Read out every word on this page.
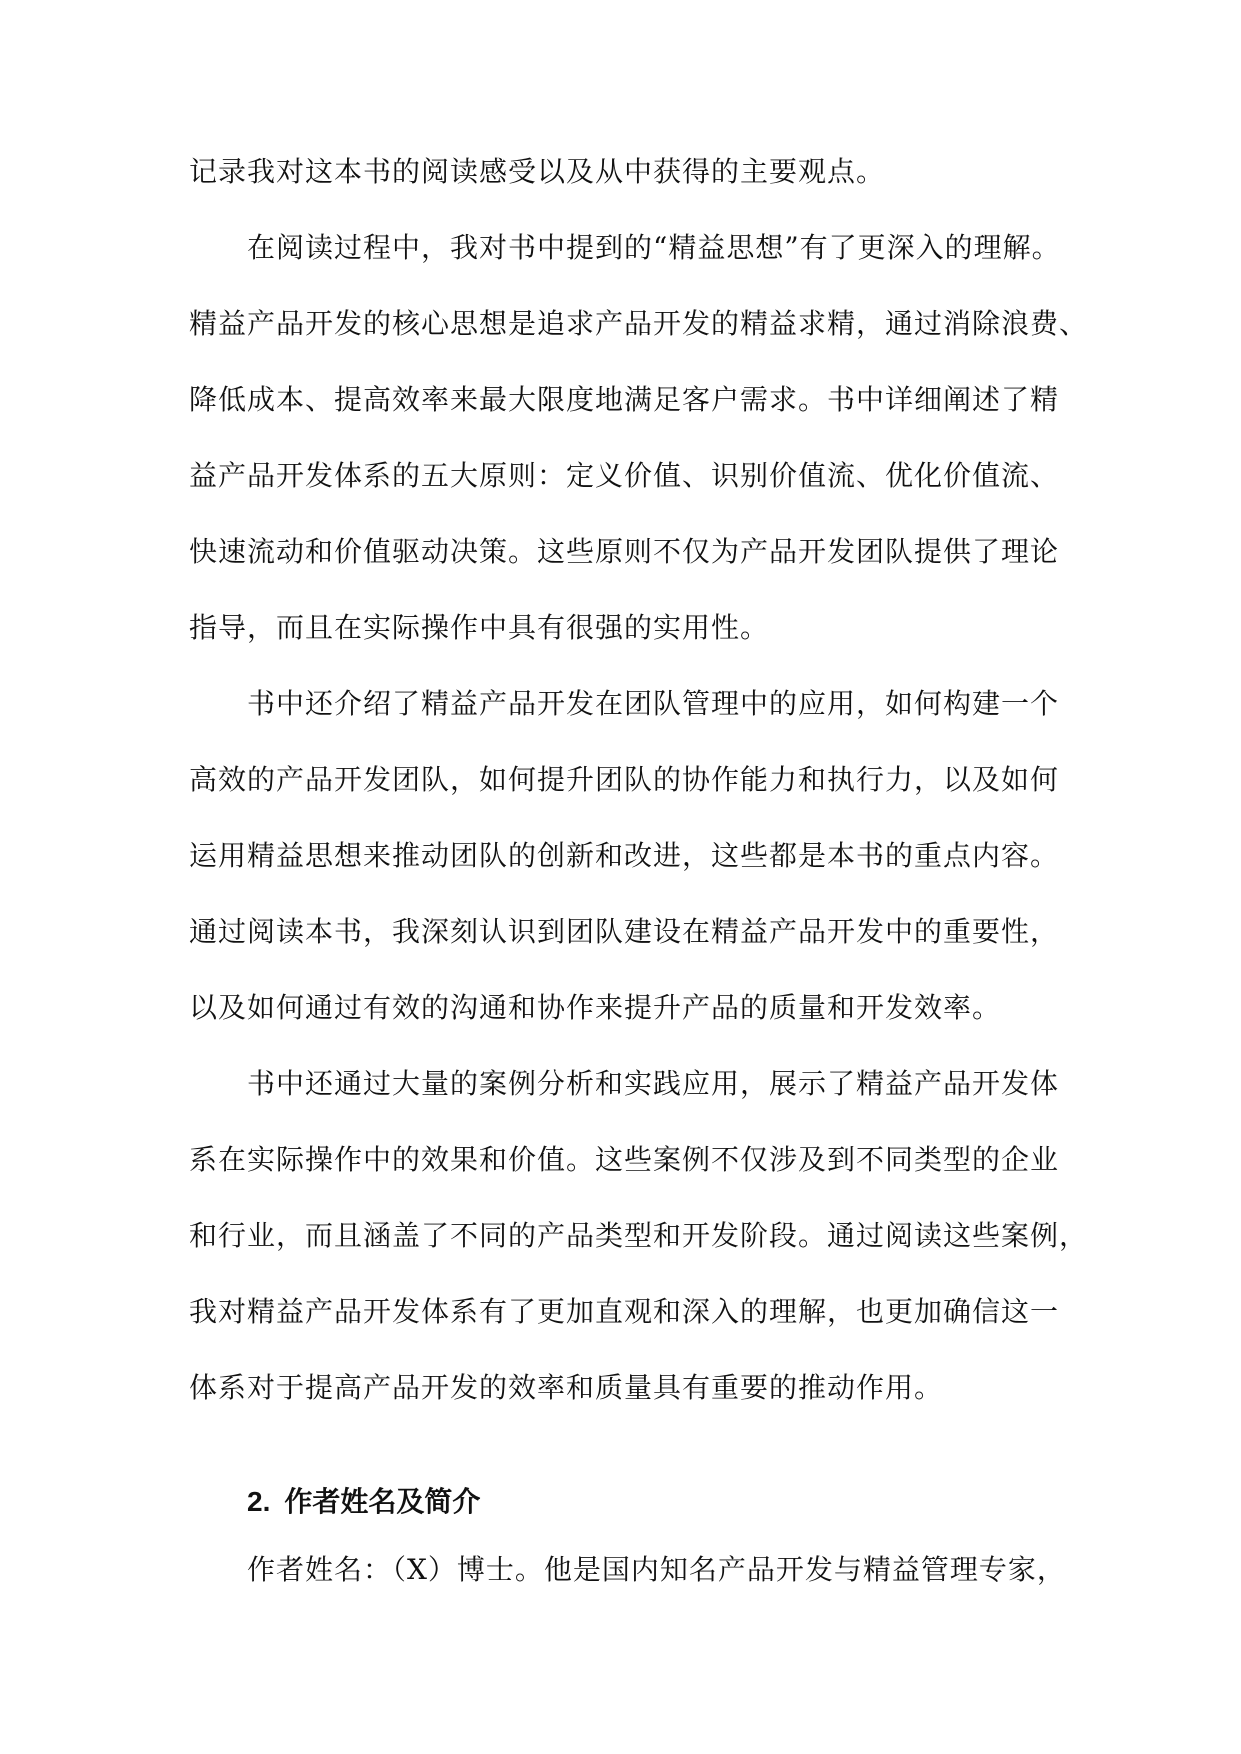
记录我对这本书的阅读感受以及从中获得的主要观点。
在阅读过程中，我对书中提到的“精益思想”有了更深入的理解。
精益产品开发的核心思想是追求产品开发的精益求精，通过消除浪费、
降低成本、提高效率来最大限度地满足客户需求。书中详细阐述了精
益产品开发体系的五大原则：定义价值、识别价值流、优化价值流、
快速流动和价值驱动决策。这些原则不仅为产品开发团队提供了理论
指导，而且在实际操作中具有很强的实用性。
书中还介绍了精益产品开发在团队管理中的应用，如何构建一个
高效的产品开发团队，如何提升团队的协作能力和执行力，以及如何
运用精益思想来推动团队的创新和改进，这些都是本书的重点内容。
通过阅读本书，我深刻认识到团队建设在精益产品开发中的重要性，
以及如何通过有效的沟通和协作来提升产品的质量和开发效率。
书中还通过大量的案例分析和实践应用，展示了精益产品开发体
系在实际操作中的效果和价值。这些案例不仅涉及到不同类型的企业
和行业，而且涵盖了不同的产品类型和开发阶段。通过阅读这些案例，
我对精益产品开发体系有了更加直观和深入的理解，也更加确信这一
体系对于提高产品开发的效率和质量具有重要的推动作用。
2. 作者姓名及简介
作者姓名：（X）博士。他是国内知名产品开发与精益管理专家，
